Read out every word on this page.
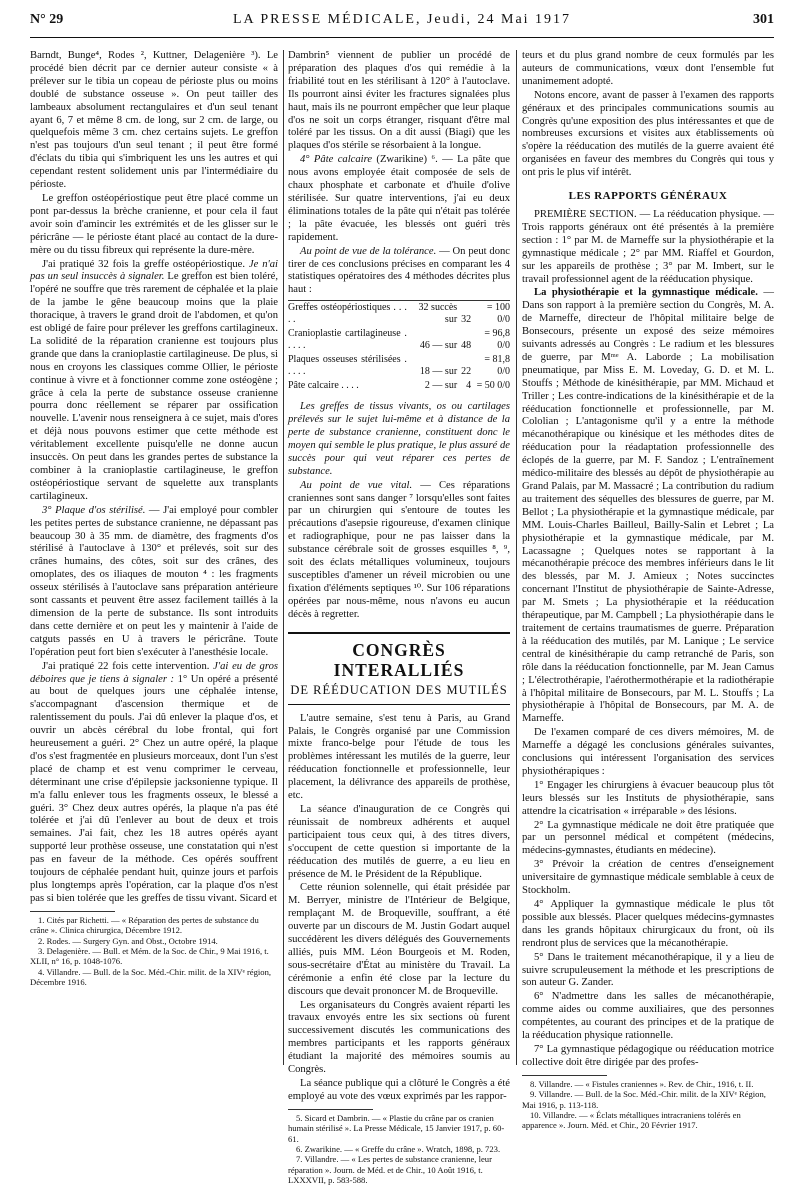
N° 29	LA PRESSE MÉDICALE, Jeudi, 24 Mai 1917	301

Barndt, Bunge⁴, Rodes ², Kuttner, Delagenière ³). Le procédé bien décrit par ce dernier auteur consiste « à prélever sur le tibia un copeau de périoste plus ou moins doublé de substance osseuse ». On peut tailler des lambeaux absolument rectangulaires et d'un seul tenant ayant 6, 7 et même 8 cm. de long, sur 2 cm. de large, ou quelquefois même 3 cm. chez certains sujets. Le greffon n'est pas toujours d'un seul tenant ; il peut être formé d'éclats du tibia qui s'imbriquent les uns les autres et qui cependant restent solidement unis par l'intermédiaire du périoste.

Le greffon ostéopériostique peut être placé comme un pont par-dessus la brèche cranienne, et pour cela il faut avoir soin d'amincir les extrémités et de les glisser sur le péricrâne — le périoste étant placé au contact de la dure-mère ou du tissu fibreux qui représente la dure-mère.

J'ai pratiqué 32 fois la greffe ostéopériostique. Je n'ai pas un seul insuccès à signaler. Le greffon est bien toléré, l'opéré ne souffre que très rarement de céphalée et la plaie de la jambe le gêne beaucoup moins que la plaie thoracique, à travers le grand droit de l'abdomen, et qu'on est obligé de faire pour prélever les greffons cartilagineux. La solidité de la réparation cranienne est toujours plus grande que dans la cranioplastie cartilagineuse. De plus, si nous en croyons les classiques comme Ollier, le périoste continue à vivre et à fonctionner comme zone ostéogène ; grâce à cela la perte de substance osseuse cranienne pourra donc réellement se réparer par ossification nouvelle. L'avenir nous renseignera à ce sujet, mais d'ores et déjà nous pouvons estimer que cette méthode est véritablement excellente puisqu'elle ne donne aucun insuccès. On peut dans les grandes pertes de substance la combiner à la cranioplastie cartilagineuse, le greffon ostéopériostique servant de squelette aux transplants cartilagineux.

3° Plaque d'os stérilisé. — J'ai employé pour combler les petites pertes de substance cranienne, ne dépassant pas beaucoup 30 à 35 mm. de diamètre, des fragments d'os stérilisé à l'autoclave à 130° et prélevés, soit sur des crânes humains, des côtes, soit sur des crânes, des omoplates, des os iliaques de mouton ⁴ : les fragments osseux stérilisés à l'autoclave sans préparation antérieure sont cassants et peuvent être assez facilement taillés à la dimension de la perte de substance. Ils sont introduits dans cette dernière et on peut les y maintenir à l'aide de catguts passés en U à travers le péricrâne. Toute l'opération peut fort bien s'exécuter à l'anesthésie locale.

J'ai pratiqué 22 fois cette intervention. J'ai eu de gros déboires que je tiens à signaler : 1° Un opéré a présenté au bout de quelques jours une céphalée intense, s'accompagnant d'ascension thermique et de ralentissement du pouls. J'ai dû enlever la plaque d'os, et ouvrir un abcès cérébral du lobe frontal, qui fort heureusement a guéri. 2° Chez un autre opéré, la plaque d'os s'est fragmentée en plusieurs morceaux, dont l'un s'est placé de champ et est venu comprimer le cerveau, déterminant une crise d'épilepsie jacksonienne typique. Il m'a fallu enlever tous les fragments osseux, le blessé a guéri. 3° Chez deux autres opérés, la plaque n'a pas été tolérée et j'ai dû l'enlever au bout de deux et trois semaines. J'ai fait, chez les 18 autres opérés ayant supporté leur prothèse osseuse, une constatation qui n'est pas en faveur de la méthode. Ces opérés souffrent toujours de céphalée pendant huit, quinze jours et parfois plus longtemps après l'opération, car la plaque d'os n'est pas si bien tolérée que les greffes de tissu vivant. Sicard et

1. Cités par Richetti. — « Réparation des pertes de substance du crâne ». Clinica chirurgica, Décembre 1912.
2. Rodes. — Surgery Gyn. and Obst., Octobre 1914.
3. Delagenière. — Bull. et Mém. de la Soc. de Chir., 9 Mai 1916, t. XLII, n° 16, p. 1048-1076.
4. Villandre. — Bull. de la Soc. Méd.-Chir. milit. de la XIVᵉ région, Décembre 1916.

Dambrin⁵ viennent de publier un procédé de préparation des plaques d'os qui remédie à la friabilité tout en les stérilisant à 120° à l'autoclave. Ils pourront ainsi éviter les fractures signalées plus haut, mais ils ne pourront empêcher que leur plaque d'os ne soit un corps étranger, risquant d'être mal toléré par les tissus. On a dit aussi (Biagi) que les plaques d'os stérile se résorbaient à la longue.

4° Pâte calcaire (Zwarikine) ⁶. — La pâte que nous avons employée était composée de sels de chaux phosphate et carbonate et d'huile d'olive stérilisée. Sur quatre interventions, j'ai eu deux éliminations totales de la pâte qui n'était pas tolérée ; la pâte évacuée, les blessés ont guéri très rapidement.

Au point de vue de la tolérance. — On peut donc tirer de ces conclusions précises en comparant les 4 statistiques opératoires des 4 méthodes décrites plus haut :

Greffes ostéopériostiques . . . . .	32 succès sur	32	= 100 0/0
Cranioplastie cartilagineuse . . . . .	46 — sur	48	= 96,8 0/0
Plaques osseuses stérilisées . . . . .	18 — sur	22	= 81,8 0/0
Pâte calcaire . . . .	2 — sur	4	= 50 0/0

Les greffes de tissus vivants, os ou cartilages prélevés sur le sujet lui-même et à distance de la perte de substance cranienne, constituent donc le moyen qui semble le plus pratique, le plus assuré de succès pour qui veut réparer ces pertes de substance.

Au point de vue vital. — Ces réparations craniennes sont sans danger ⁷ lorsqu'elles sont faites par un chirurgien qui s'entoure de toutes les précautions d'asepsie rigoureuse, d'examen clinique et radiographique, pour ne pas laisser dans la substance cérébrale soit de grosses esquilles ⁸, ⁹, soit des éclats métalliques volumineux, toujours susceptibles d'amener un réveil microbien ou une fixation d'éléments septiques ¹⁰. Sur 106 réparations opérées par nous-même, nous n'avons eu aucun décès à regretter.

CONGRÈS INTERALLIÉS
DE RÉÉDUCATION DES MUTILÉS

L'autre semaine, s'est tenu à Paris, au Grand Palais, le Congrès organisé par une Commission mixte franco-belge pour l'étude de tous les problèmes intéressant les mutilés de la guerre, leur rééducation fonctionnelle et professionnelle, leur placement, la délivrance des appareils de prothèse, etc.

La séance d'inauguration de ce Congrès qui réunissait de nombreux adhérents et auquel participaient tous ceux qui, à des titres divers, s'occupent de cette question si importante de la rééducation des mutilés de guerre, a eu lieu en présence de M. le Président de la République.

Cette réunion solennelle, qui était présidée par M. Berryer, ministre de l'Intérieur de Belgique, remplaçant M. de Broqueville, souffrant, a été ouverte par un discours de M. Justin Godart auquel succédèrent les divers délégués des Gouvernements alliés, puis MM. Léon Bourgeois et M. Roden, sous-secrétaire d'État au ministère du Travail. La cérémonie a enfin été close par la lecture du discours que devait prononcer M. de Broqueville.

Les organisateurs du Congrès avaient réparti les travaux envoyés entre les six sections où furent successivement discutés les communications des membres participants et les rapports généraux étudiant la majorité des mémoires soumis au Congrès.

La séance publique qui a clôturé le Congrès a été employé au vote des vœux exprimés par les rappor-

5. Sicard et Dambrin. — « Plastie du crâne par os cranien humain stérilisé ». La Presse Médicale, 15 Janvier 1917, p. 60-61.
6. Zwarikine. — « Greffe du crâne ». Wratch, 1898, p. 723.
7. Villandre. — « Les pertes de substance cranienne, leur réparation ». Journ. de Méd. et de Chir., 10 Août 1916, t. LXXXVII, p. 583-588.

teurs et du plus grand nombre de ceux formulés par les auteurs de communications, vœux dont l'ensemble fut unanimement adopté.

Notons encore, avant de passer à l'examen des rapports généraux et des principales communications soumis au Congrès qu'une exposition des plus intéressantes et que de nombreuses excursions et visites aux établissements où s'opère la rééducation des mutilés de la guerre avaient été organisées en faveur des membres du Congrès qui tous y ont pris le plus vif intérêt.

LES RAPPORTS GÉNÉRAUX

PREMIÈRE SECTION. — La rééducation physique. — Trois rapports généraux ont été présentés à la première section : 1° par M. de Marneffe sur la physiothérapie et la gymnastique médicale ; 2° par MM. Riaffel et Gourdon, sur les appareils de prothèse ; 3° par M. Imbert, sur le travail professionnel agent de la rééducation physique.

La physiothérapie et la gymnastique médicale. — Dans son rapport à la première section du Congrès, M. A. de Marneffe, directeur de l'hôpital militaire belge de Bonsecours, présente un exposé des seize mémoires suivants adressés au Congrès : Le radium et les blessures de guerre, par Mᵐᵉ A. Laborde ; La mobilisation pneumatique, par Miss E. M. Loveday, G. D. et M. L. Stouffs ; Méthode de kinésithérapie, par MM. Michaud et Triller ; Les contre-indications de la kinésithérapie et de la rééducation fonctionnelle et professionnelle, par M. Cololian ; L'antagonisme qu'il y a entre la méthode mécanothérapique ou kinésique et les méthodes dites de rééducation pour la réadaptation professionnelle des éclopés de la guerre, par M. F. Sandoz ; L'entraînement médico-militaire des blessés au dépôt de physiothérapie au Grand Palais, par M. Massacré ; La contribution du radium au traitement des séquelles des blessures de guerre, par M. Bellot ; La physiothérapie et la gymnastique médicale, par MM. Louis-Charles Bailleul, Bailly-Salin et Lebret ; La physiothérapie et la gymnastique médicale, par M. Lacassagne ; Quelques notes se rapportant à la mécanothérapie précoce des membres inférieurs dans le lit des blessés, par M. J. Amieux ; Notes succinctes concernant l'Institut de physiothérapie de Sainte-Adresse, par M. Smets ; La physiothérapie et la rééducation thérapeutique, par M. Campbell ; La physiothérapie dans le traitement de certains traumatismes de guerre. Préparation à la rééducation des mutilés, par M. Lanique ; Le service central de kinésithérapie du camp retranché de Paris, son rôle dans la rééducation fonctionnelle, par M. Jean Camus ; L'électrothérapie, l'aérothermothérapie et la radiothérapie à l'hôpital militaire de Bonsecours, par M. L. Stouffs ; La physiothérapie à l'hôpital de Bonsecours, par M. A. de Marneffe.

De l'examen comparé de ces divers mémoires, M. de Marneffe a dégagé les conclusions générales suivantes, conclusions qui intéressent l'organisation des services physiothérapiques :

1° Engager les chirurgiens à évacuer beaucoup plus tôt leurs blessés sur les Instituts de physiothérapie, sans attendre la cicatrisation « irréparable » des lésions.

2° La gymnastique médicale ne doit être pratiquée que par un personnel médical et compétent (médecins, médecins-gymnastes, étudiants en médecine).

3° Prévoir la création de centres d'enseignement universitaire de gymnastique médicale semblable à ceux de Stockholm.

4° Appliquer la gymnastique médicale le plus tôt possible aux blessés. Placer quelques médecins-gymnastes dans les grands hôpitaux chirurgicaux du front, où ils rendront plus de services que la mécanothérapie.

5° Dans le traitement mécanothérapique, il y a lieu de suivre scrupuleusement la méthode et les prescriptions de son auteur G. Zander.

6° N'admettre dans les salles de mécanothérapie, comme aides ou comme auxiliaires, que des personnes compétentes, au courant des principes et de la pratique de la rééducation physique rationnelle.

7° La gymnastique pédagogique ou rééducation motrice collective doit être dirigée par des profes-

8. Villandre. — « Fistules craniennes ». Rev. de Chir., 1916, t. II.
9. Villandre. — Bull. de la Soc. Méd.-Chir. milit. de la XIVᵉ Région, Mai 1916, p. 113-118.
10. Villandre. — « Éclats métalliques intracraniens tolérés en apparence ». Journ. Méd. et Chir., 20 Février 1917.
